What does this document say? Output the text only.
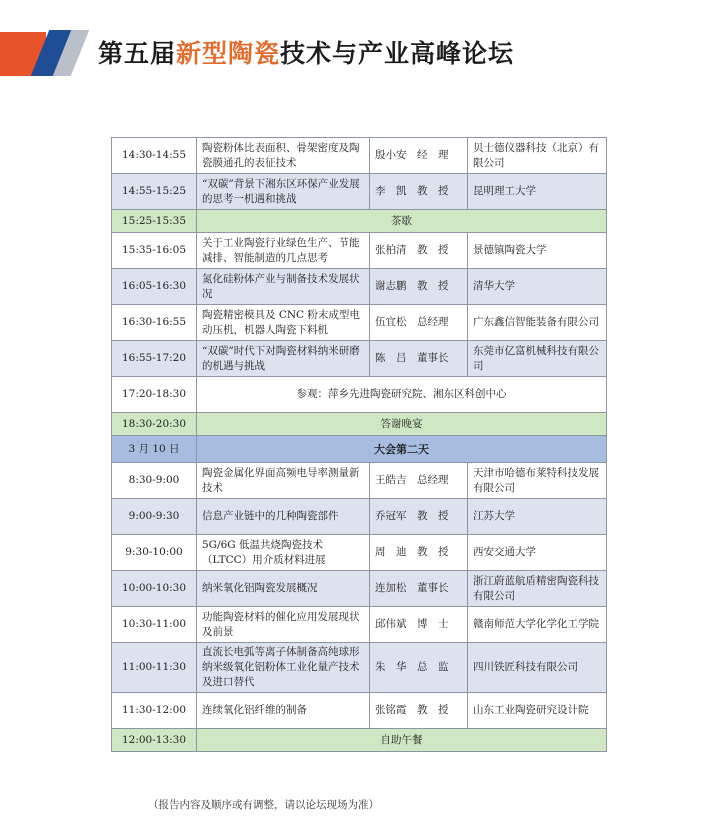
第五届新型陶瓷技术与产业高峰论坛
14:30-14:55	陶瓷粉体比表面积、骨架密度及陶瓷膜通孔的表征技术	殷小安　经　理	贝士德仪器科技（北京）有限公司
14:55-15:25	“双碳”背景下湘东区环保产业发展的思考一机遇和挑战	李　凯　教　授	昆明理工大学
15:25-15:35	茶歇		
15:35-16:05	关于工业陶瓷行业绿色生产、节能减排、智能制造的几点思考	张柏清　教　授	景德镇陶瓷大学
16:05-16:30	氮化硅粉体产业与制备技术发展状况	谢志鹏　教　授	清华大学
16:30-16:55	陶瓷精密模具及 CNC 粉末成型电动压机，机器人陶瓷下料机	伍宜松　总经理	广东鑫信智能装备有限公司
16:55-17:20	“双碳”时代下对陶瓷材料纳米研磨的机遇与挑战	陈　吕　董事长	东莞市亿富机械科技有限公司
17:20-18:30	参观：萍乡先进陶瓷研究院、湘东区科创中心		
18:30-20:30	答谢晚宴		
3 月 10 日	大会第二天		
8:30-9:00	陶瓷金属化界面高频电导率测量新技术	王皓吉　总经理	天津市哈德布莱特科技发展有限公司
9:00-9:30	信息产业链中的几种陶瓷部件	乔冠军　教　授	江苏大学
9:30-10:00	5G/6G 低温共烧陶瓷技术（LTCC）用介质材料进展	周　迪　教　授	西安交通大学
10:00-10:30	纳米氧化铝陶瓷发展概况	连加松　董事长	浙江蔚蓝航盾精密陶瓷科技有限公司
10:30-11:00	功能陶瓷材料的催化应用发展现状及前景	邱伟斌　博　士	赣南师范大学化学化工学院
11:00-11:30	直流长电弧等离子体制备高纯球形纳米级氧化铝粉体工业化量产技术及进口替代	朱　华　总　监	四川铁匠科技有限公司
11:30-12:00	连续氧化铝纤维的制备	张铭霞　教　授	山东工业陶瓷研究设计院
12:00-13:30	自助午餐		
（报告内容及顺序或有调整，请以论坛现场为准）
